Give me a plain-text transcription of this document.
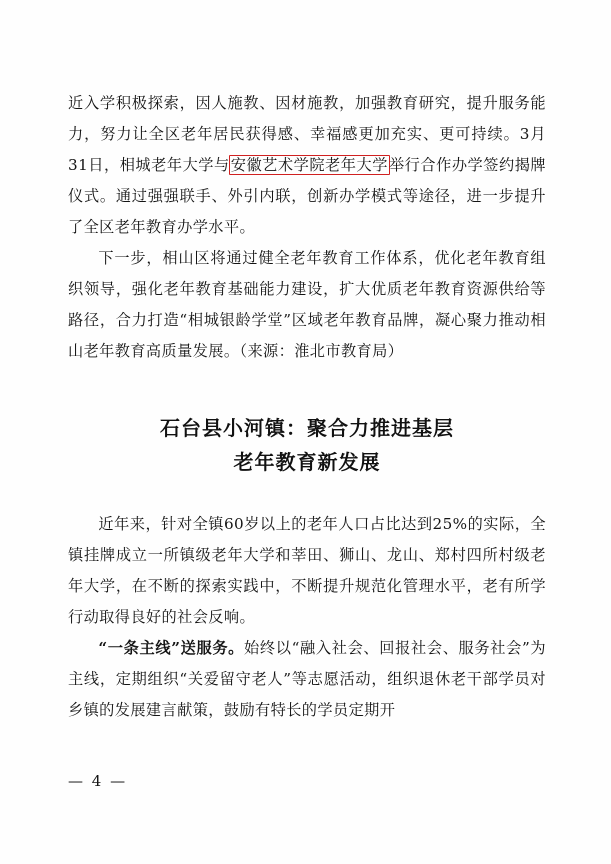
近入学积极探索，因人施教、因材施教，加强教育研究，提升服务能力，努力让全区老年居民获得感、幸福感更加充实、更可持续。3月31日，相城老年大学与安徽艺术学院老年大学举行合作办学签约揭牌仪式。通过强强联手、外引内联，创新办学模式等途径，进一步提升了全区老年教育办学水平。

下一步，相山区将通过健全老年教育工作体系，优化老年教育组织领导，强化老年教育基础能力建设，扩大优质老年教育资源供给等路径，合力打造“相城银龄学堂”区域老年教育品牌，凝心聚力推动相山老年教育高质量发展。（来源：淮北市教育局）

石台县小河镇：聚合力推进基层
老年教育新发展

近年来，针对全镇60岁以上的老年人口占比达到25%的实际，全镇挂牌成立一所镇级老年大学和莘田、狮山、龙山、郑村四所村级老年大学，在不断的探索实践中，不断提升规范化管理水平，老有所学行动取得良好的社会反响。

“一条主线”送服务。始终以“融入社会、回报社会、服务社会”为主线，定期组织“关爱留守老人”等志愿活动，组织退休老干部学员对乡镇的发展建言献策，鼓励有特长的学员定期开

— 4 —
